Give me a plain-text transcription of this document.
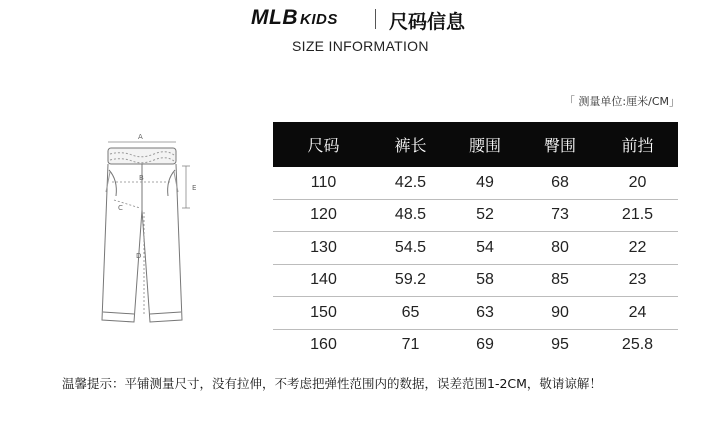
MLB KIDS	尺码信息
SIZE INFORMATION
「 测量单位:厘米/CM」
A
B
C
D
E
尺码	裤长	腰围	臀围	前挡
110	42.5	49	68	20
120	48.5	52	73	21.5
130	54.5	54	80	22
140	59.2	58	85	23
150	65	63	90	24
160	71	69	95	25.8
温馨提示：平铺测量尺寸，没有拉伸，不考虑把弹性范围内的数据，误差范围1-2CM，敬请谅解！
